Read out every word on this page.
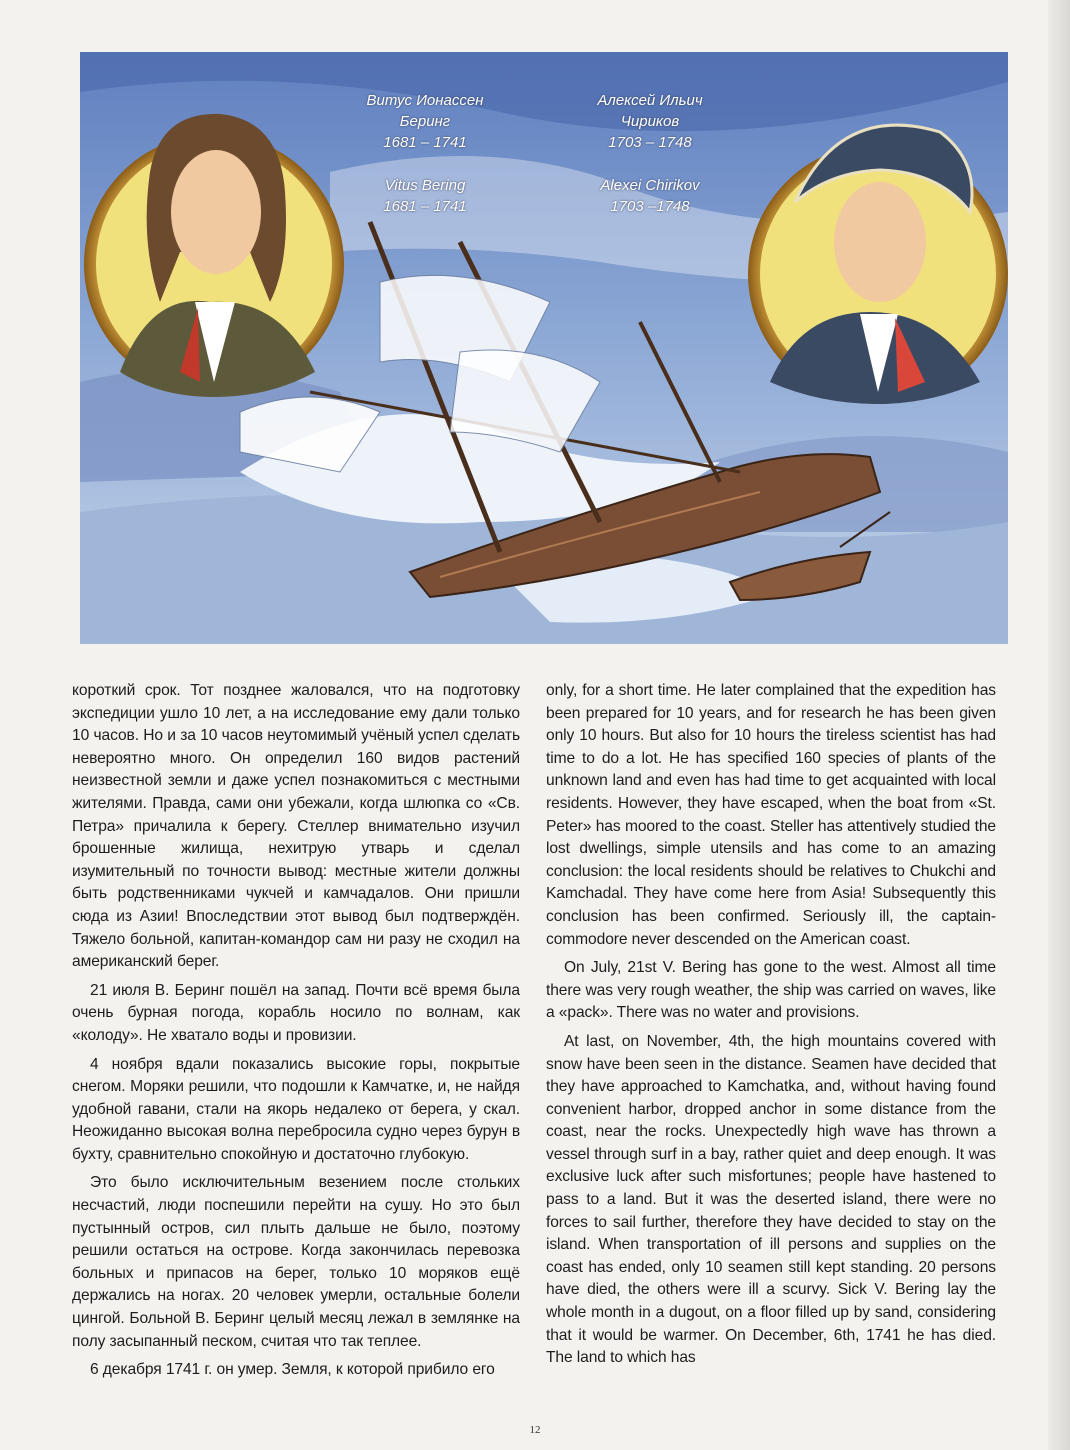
Витус Ионассен
Беринг
1681 – 1741
Vitus Bering
1681 – 1741
Алексей Ильич
Чириков
1703 – 1748
Alexei Chirikov
1703 –1748

короткий срок. Тот позднее жаловался, что на подготовку экспедиции ушло 10 лет, а на исследование ему дали только 10 часов. Но и за 10 часов неутомимый учёный успел сделать невероятно много. Он определил 160 видов растений неизвестной земли и даже успел познакомиться с местными жителями. Правда, сами они убежали, когда шлюпка со «Св. Петра» причалила к берегу. Стеллер внимательно изучил брошенные жилища, нехитрую утварь и сделал изумительный по точности вывод: местные жители должны быть родственниками чукчей и камчадалов. Они пришли сюда из Азии! Впоследствии этот вывод был подтверждён. Тяжело больной, капитан-командор сам ни разу не сходил на американский берег.

21 июля В. Беринг пошёл на запад. Почти всё время была очень бурная погода, корабль носило по волнам, как «колоду». Не хватало воды и провизии.

4 ноября вдали показались высокие горы, покрытые снегом. Моряки решили, что подошли к Камчатке, и, не найдя удобной гавани, стали на якорь недалеко от берега, у скал. Неожиданно высокая волна перебросила судно через бурун в бухту, сравнительно спокойную и достаточно глубокую.

Это было исключительным везением после стольких несчастий, люди поспешили перейти на сушу. Но это был пустынный остров, сил плыть дальше не было, поэтому решили остаться на острове. Когда закончилась перевозка больных и припасов на берег, только 10 моряков ещё держались на ногах. 20 человек умерли, остальные болели цингой. Больной В. Беринг целый месяц лежал в землянке на полу засыпанный песком, считая что так теплее.

6 декабря 1741 г. он умер. Земля, к которой прибило его

only, for a short time. He later complained that the expedition has been prepared for 10 years, and for research he has been given only 10 hours. But also for 10 hours the tireless scientist has had time to do a lot. He has specified 160 species of plants of the unknown land and even has had time to get acquainted with local residents. However, they have escaped, when the boat from «St. Peter» has moored to the coast. Steller has attentively studied the lost dwellings, simple utensils and has come to an amazing conclusion: the local residents should be relatives to Chukchi and Kamchadal. They have come here from Asia! Subsequently this conclusion has been confirmed. Seriously ill, the captain-commodore never descended on the American coast.

On July, 21st V. Bering has gone to the west. Almost all time there was very rough weather, the ship was carried on waves, like a «pack». There was no water and provisions.

At last, on November, 4th, the high mountains covered with snow have been seen in the distance. Seamen have decided that they have approached to Kamchatka, and, without having found convenient harbor, dropped anchor in some distance from the coast, near the rocks. Unexpectedly high wave has thrown a vessel through surf in a bay, rather quiet and deep enough. It was exclusive luck after such misfortunes; people have hastened to pass to a land. But it was the deserted island, there were no forces to sail further, therefore they have decided to stay on the island. When transportation of ill persons and supplies on the coast has ended, only 10 seamen still kept standing. 20 persons have died, the others were ill a scurvy. Sick V. Bering lay the whole month in a dugout, on a floor filled up by sand, considering that it would be warmer. On December, 6th, 1741 he has died. The land to which has

12
